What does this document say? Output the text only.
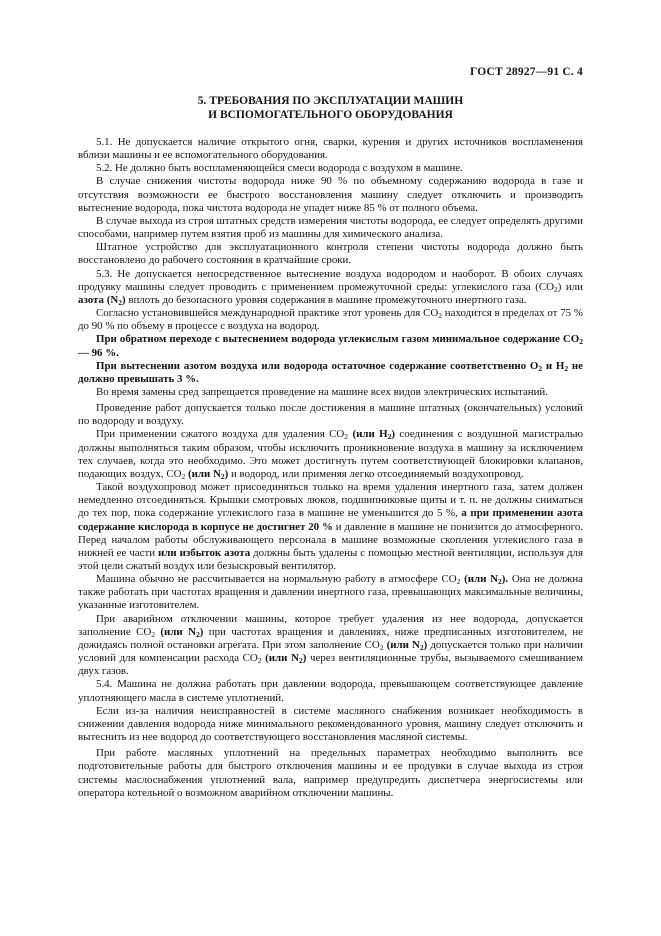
ГОСТ 28927—91 С. 4
5. ТРЕБОВАНИЯ ПО ЭКСПЛУАТАЦИИ МАШИН
И ВСПОМОГАТЕЛЬНОГО ОБОРУДОВАНИЯ

5.1. Не допускается наличие открытого огня, сварки, курения и других источников воспламенения вблизи машины и ее вспомогательного оборудования.

5.2. Не должно быть воспламеняющейся смеси водорода с воздухом в машине.

В случае снижения чистоты водорода ниже 90 % по объемному содержанию водорода в газе и отсутствия возможности ее быстрого восстановления машину следует отключить и производить вытеснение водорода, пока чистота водорода не упадет ниже 85 % от полного объема.

В случае выхода из строя штатных средств измерения чистоты водорода, ее следует определять другими способами, например путем взятия проб из машины для химического анализа.

Штатное устройство для эксплуатационного контроля степени чистоты водорода должно быть восстановлено до рабочего состояния в кратчайшие сроки.

5.3. Не допускается непосредственное вытеснение воздуха водородом и наоборот. В обоих случаях продувку машины следует проводить с применением промежуточной среды: углекислого газа $(CO_2)$ или азота $(N_2)$ вплоть до безопасного уровня содержания в машине промежуточного инертного газа.

Согласно установившейся международной практике этот уровень для $CO_2$ находится в пределах от 75 % до 90 % по объему в процессе с воздуха на водород.

При обратном переходе с вытеснением водорода углекислым газом минимальное содержание $CO_2$ — 96 %.

При вытеснении азотом воздуха или водорода остаточное содержание соответственно $O_2$ и $H_2$ не должно превышать 3 %.

Во время замены сред запрещается проведение на машине всех видов электрических испытаний.

Проведение работ допускается только после достижения в машине штатных (окончательных) условий по водороду и воздуху.

При применении сжатого воздуха для удаления $CO_2$ (или $H_2$) соединения с воздушной магистралью должны выполняться таким образом, чтобы исключить проникновение воздуха в машину за исключением тех случаев, когда это необходимо. Это может достигнуть путем соответствующей блокировки клапанов, подающих воздух, $CO_2$ (или $N_2$) и водород, или применяя легко отсоединяемый воздухопровод.

Такой воздухопровод может присоединяться только на время удаления инертного газа, затем должен немедленно отсоединяться. Крышки смотровых люков, подшипниковые щиты и т. п. не должны сниматься до тех пор, пока содержание углекислого газа в машине не уменьшится до 5 %, а при применении азота содержание кислорода в корпусе не достигнет 20 % и давление в машине не понизится до атмосферного. Перед началом работы обслуживающего персонала в машине возможные скопления углекислого газа в нижней ее части или избыток азота должны быть удалены с помощью местной вентиляции, используя для этой цели сжатый воздух или безыскровый вентилятор.

Машина обычно не рассчитывается на нормальную работу в атмосфере $CO_2$ (или $N_2$). Она не должна также работать при частотах вращения и давлении инертного газа, превышающих максимальные величины, указанные изготовителем.

При аварийном отключении машины, которое требует удаления из нее водорода, допускается заполнение $CO_2$ (или $N_2$) при частотах вращения и давлениях, ниже предписанных изготовителем, не дожидаясь полной остановки агрегата. При этом заполнение $CO_2$ (или $N_2$) допускается только при наличии условий для компенсации расхода $CO_2$ (или $N_2$) через вентиляционные трубы, вызываемого смешиванием двух газов.

5.4. Машина не должна работать при давлении водорода, превышающем соответствующее давление уплотняющего масла в системе уплотнений.

Если из-за наличия неисправностей в системе масляного снабжения возникает необходимость в снижении давления водорода ниже минимального рекомендованного уровня, машину следует отключить и вытеснить из нее водород до соответствующего восстановления масляной системы.

При работе масляных уплотнений на предельных параметрах необходимо выполнить все подготовительные работы для быстрого отключения машины и ее продувки в случае выхода из строя системы маслоснабжения уплотнений вала, например предупредить диспетчера энергосистемы или оператора котельной о возможном аварийном отключении машины.
